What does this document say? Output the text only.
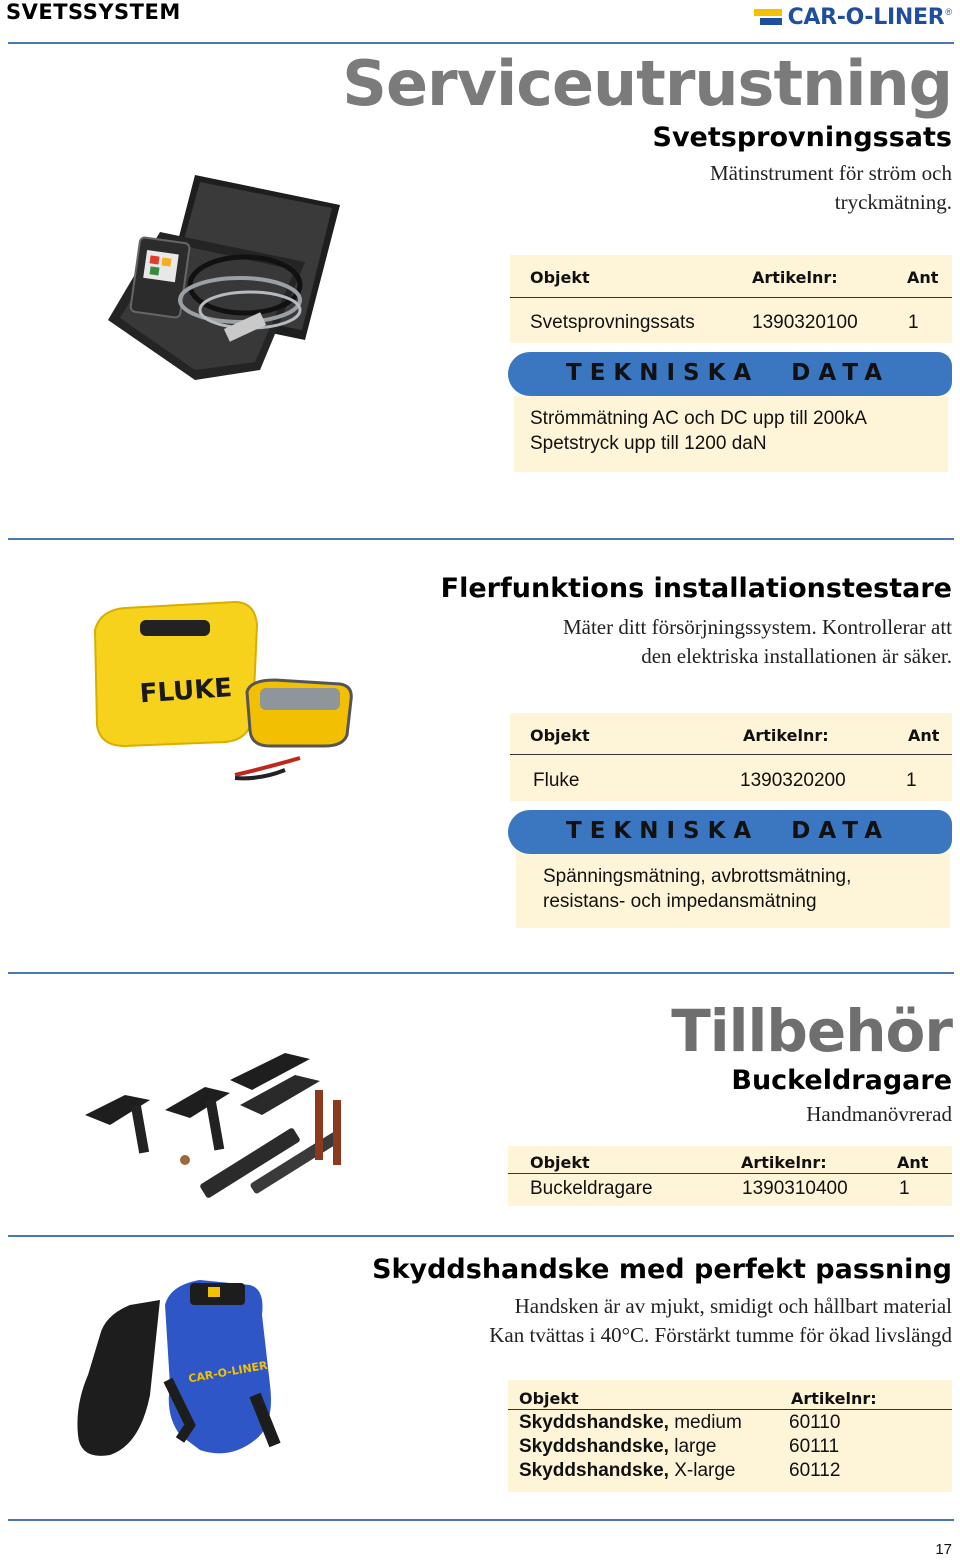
SVETSSYSTEM	CAR-O-LINER ®
Serviceutrustning
Svetsprovningssats
Mätinstrument för ström och
tryckmätning.
Objekt	Artikelnr:	Ant
Svetsprovningssats	1390320100	1
TEKNISKA  DATA
Strömmätning AC och DC upp till 200kA
Spetstryck upp till 1200 daN
Flerfunktions installationstestare
Mäter ditt försörjningssystem. Kontrollerar att
den elektriska installationen är säker.
FLUKE
Objekt	Artikelnr:	Ant
Fluke	1390320200	1
TEKNISKA  DATA
Spänningsmätning, avbrottsmätning,
resistans- och impedansmätning
Tillbehör
Buckeldragare
Handmanövrerad
Objekt	Artikelnr:	Ant
Buckeldragare	1390310400	1
Skyddshandske med perfekt passning
Handsken är av mjukt, smidigt och hållbart material
Kan tvättas i 40°C. Förstärkt tumme för ökad livslängd
CAR-O-LINER
Objekt	Artikelnr:
Skyddshandske, medium 60110
Skyddshandske, large	60111
Skyddshandske, X-large	60112
17
